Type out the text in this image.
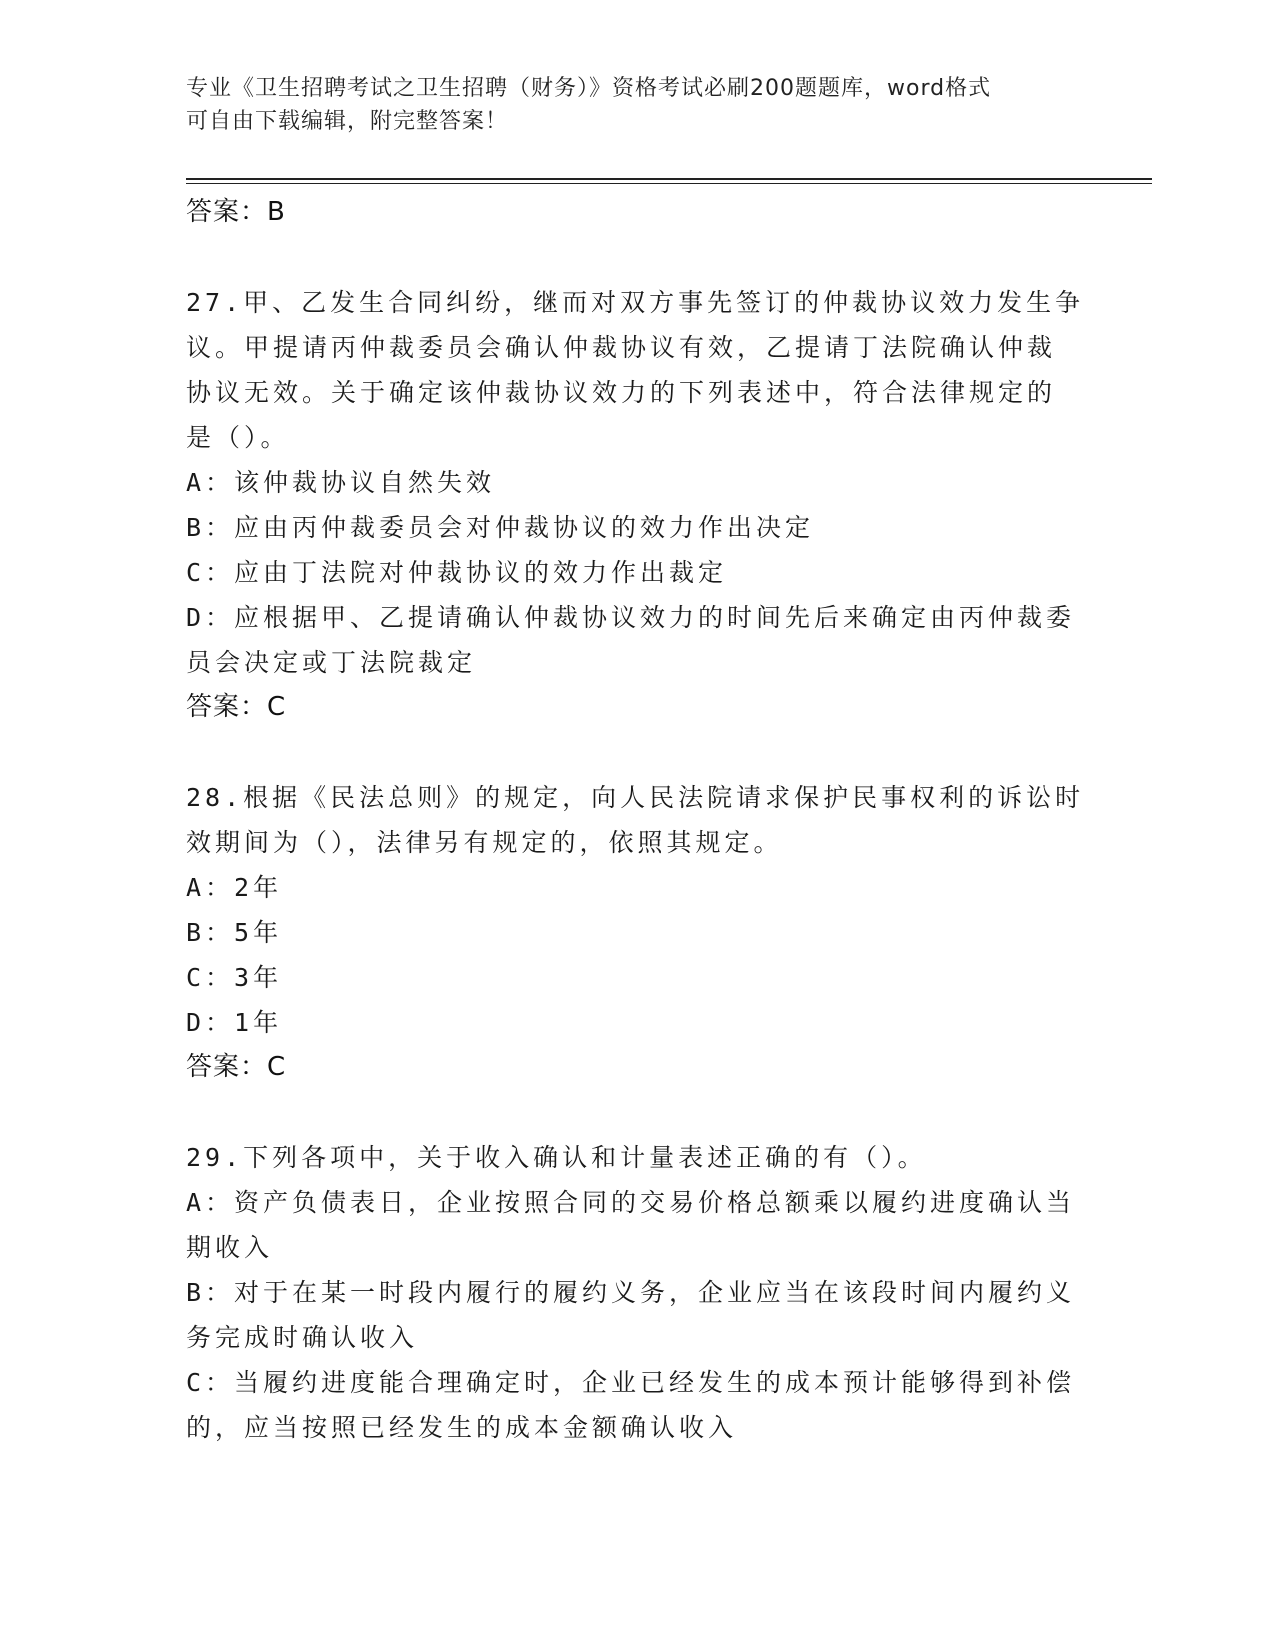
专业《卫生招聘考试之卫生招聘（财务）》资格考试必刷200题题库，word格式
可自由下载编辑，附完整答案！
答案：B
27.甲、乙发生合同纠纷，继而对双方事先签订的仲裁协议效力发生争
议。甲提请丙仲裁委员会确认仲裁协议有效，乙提请丁法院确认仲裁
协议无效。关于确定该仲裁协议效力的下列表述中，符合法律规定的
是（）。
A：该仲裁协议自然失效
B：应由丙仲裁委员会对仲裁协议的效力作出决定
C：应由丁法院对仲裁协议的效力作出裁定
D：应根据甲、乙提请确认仲裁协议效力的时间先后来确定由丙仲裁委
员会决定或丁法院裁定
答案：C
28.根据《民法总则》的规定，向人民法院请求保护民事权利的诉讼时
效期间为（），法律另有规定的，依照其规定。
A：2年
B：5年
C：3年
D：1年
答案：C
29.下列各项中，关于收入确认和计量表述正确的有（）。
A：资产负债表日，企业按照合同的交易价格总额乘以履约进度确认当
期收入
B：对于在某一时段内履行的履约义务，企业应当在该段时间内履约义
务完成时确认收入
C：当履约进度能合理确定时，企业已经发生的成本预计能够得到补偿
的，应当按照已经发生的成本金额确认收入
